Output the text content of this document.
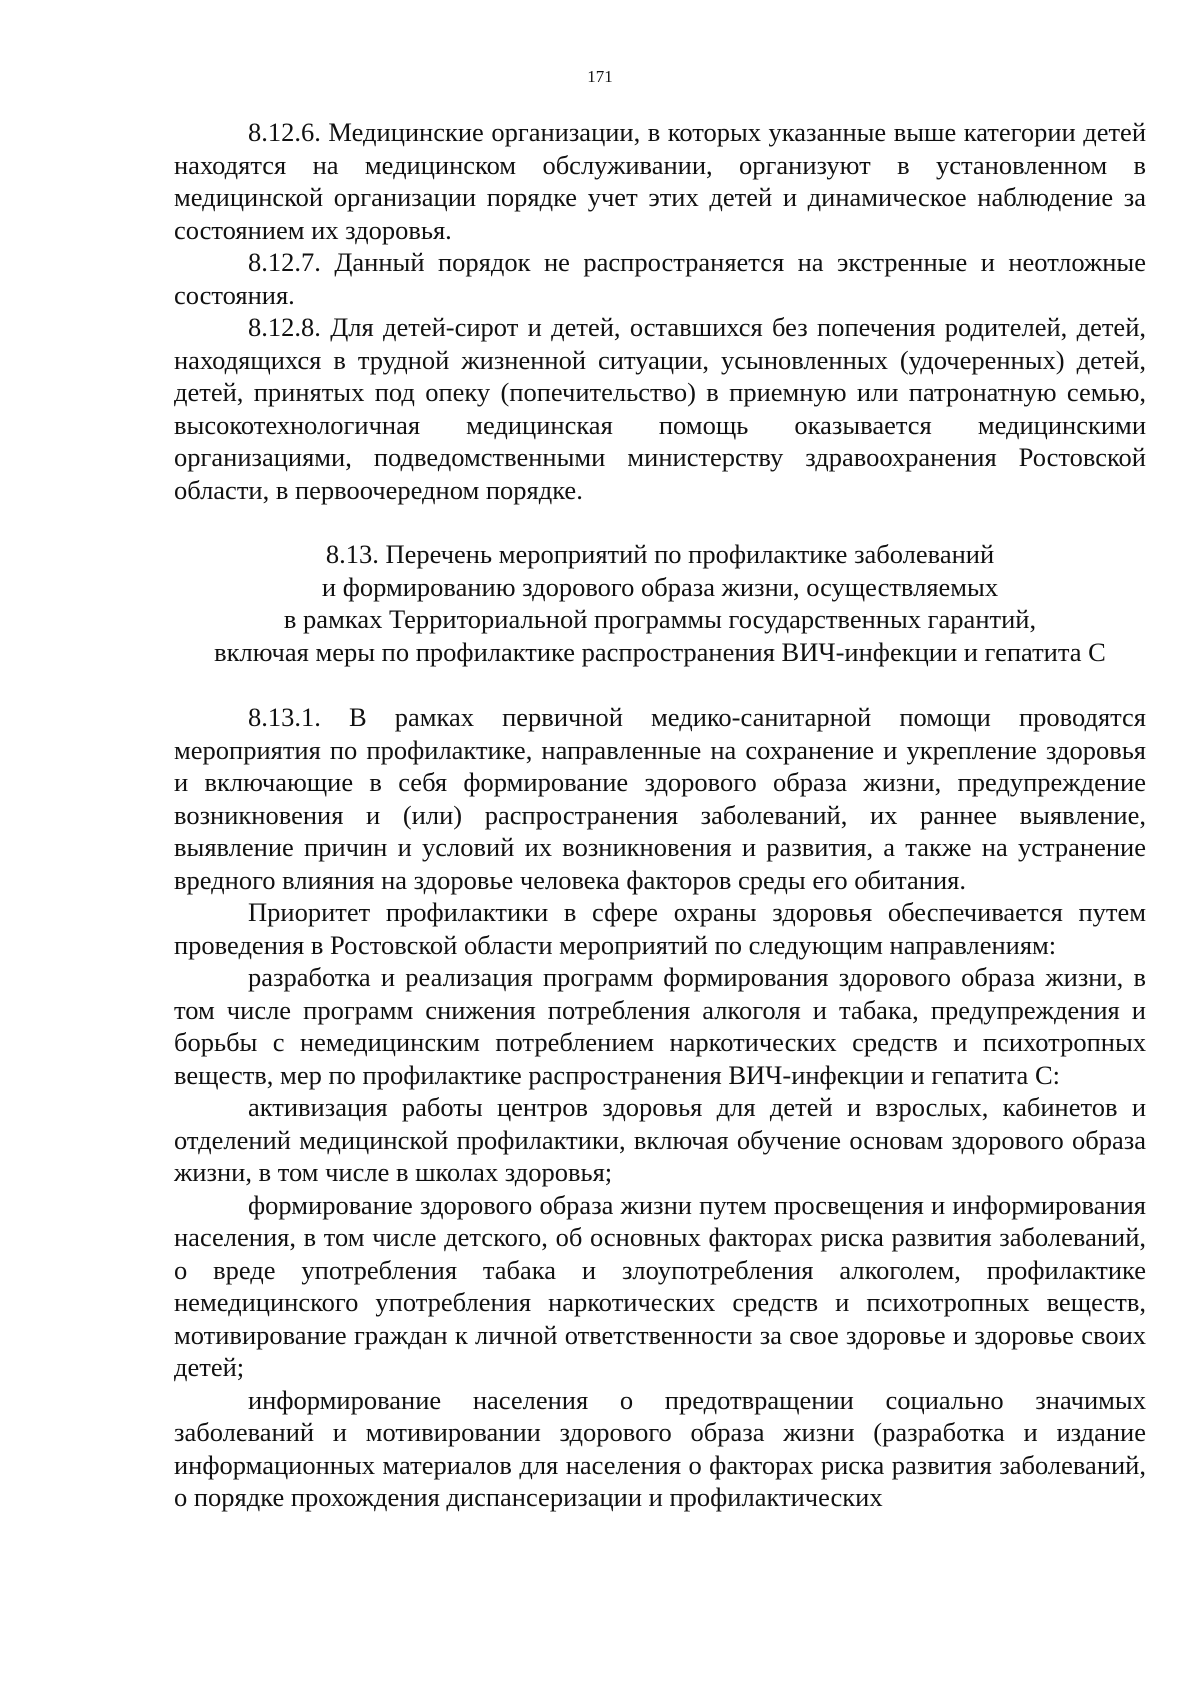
171

8.12.6. Медицинские организации, в которых указанные выше категории детей находятся на медицинском обслуживании, организуют в установленном в медицинской организации порядке учет этих детей и динамическое наблюдение за состоянием их здоровья.

8.12.7. Данный порядок не распространяется на экстренные и неотложные состояния.

8.12.8. Для детей-сирот и детей, оставшихся без попечения родителей, детей, находящихся в трудной жизненной ситуации, усыновленных (удочеренных) детей, детей, принятых под опеку (попечительство) в приемную или патронатную семью, высокотехнологичная медицинская помощь оказывается медицинскими организациями, подведомственными министерству здравоохранения Ростовской области, в первоочередном порядке.

8.13. Перечень мероприятий по профилактике заболеваний

и формированию здорового образа жизни, осуществляемых

в рамках Территориальной программы государственных гарантий,

включая меры по профилактике распространения ВИЧ-инфекции и гепатита С

8.13.1. В рамках первичной медико-санитарной помощи проводятся мероприятия по профилактике, направленные на сохранение и укрепление здоровья и включающие в себя формирование здорового образа жизни, предупреждение возникновения и (или) распространения заболеваний, их раннее выявление, выявление причин и условий их возникновения и развития, а также на устранение вредного влияния на здоровье человека факторов среды его обитания.

Приоритет профилактики в сфере охраны здоровья обеспечивается путем проведения в Ростовской области мероприятий по следующим направлениям:

разработка и реализация программ формирования здорового образа жизни, в том числе программ снижения потребления алкоголя и табака, предупреждения и борьбы с немедицинским потреблением наркотических средств и психотропных веществ, мер по профилактике распространения ВИЧ-инфекции и гепатита С:

активизация работы центров здоровья для детей и взрослых, кабинетов и отделений медицинской профилактики, включая обучение основам здорового образа жизни, в том числе в школах здоровья;

формирование здорового образа жизни путем просвещения и информирования населения, в том числе детского, об основных факторах риска развития заболеваний, о вреде употребления табака и злоупотребления алкоголем, профилактике немедицинского употребления наркотических средств и психотропных веществ, мотивирование граждан к личной ответственности за свое здоровье и здоровье своих детей;

информирование населения о предотвращении социально значимых заболеваний и мотивировании здорового образа жизни (разработка и издание информационных материалов для населения о факторах риска развития заболеваний, о порядке прохождения диспансеризации и профилактических
